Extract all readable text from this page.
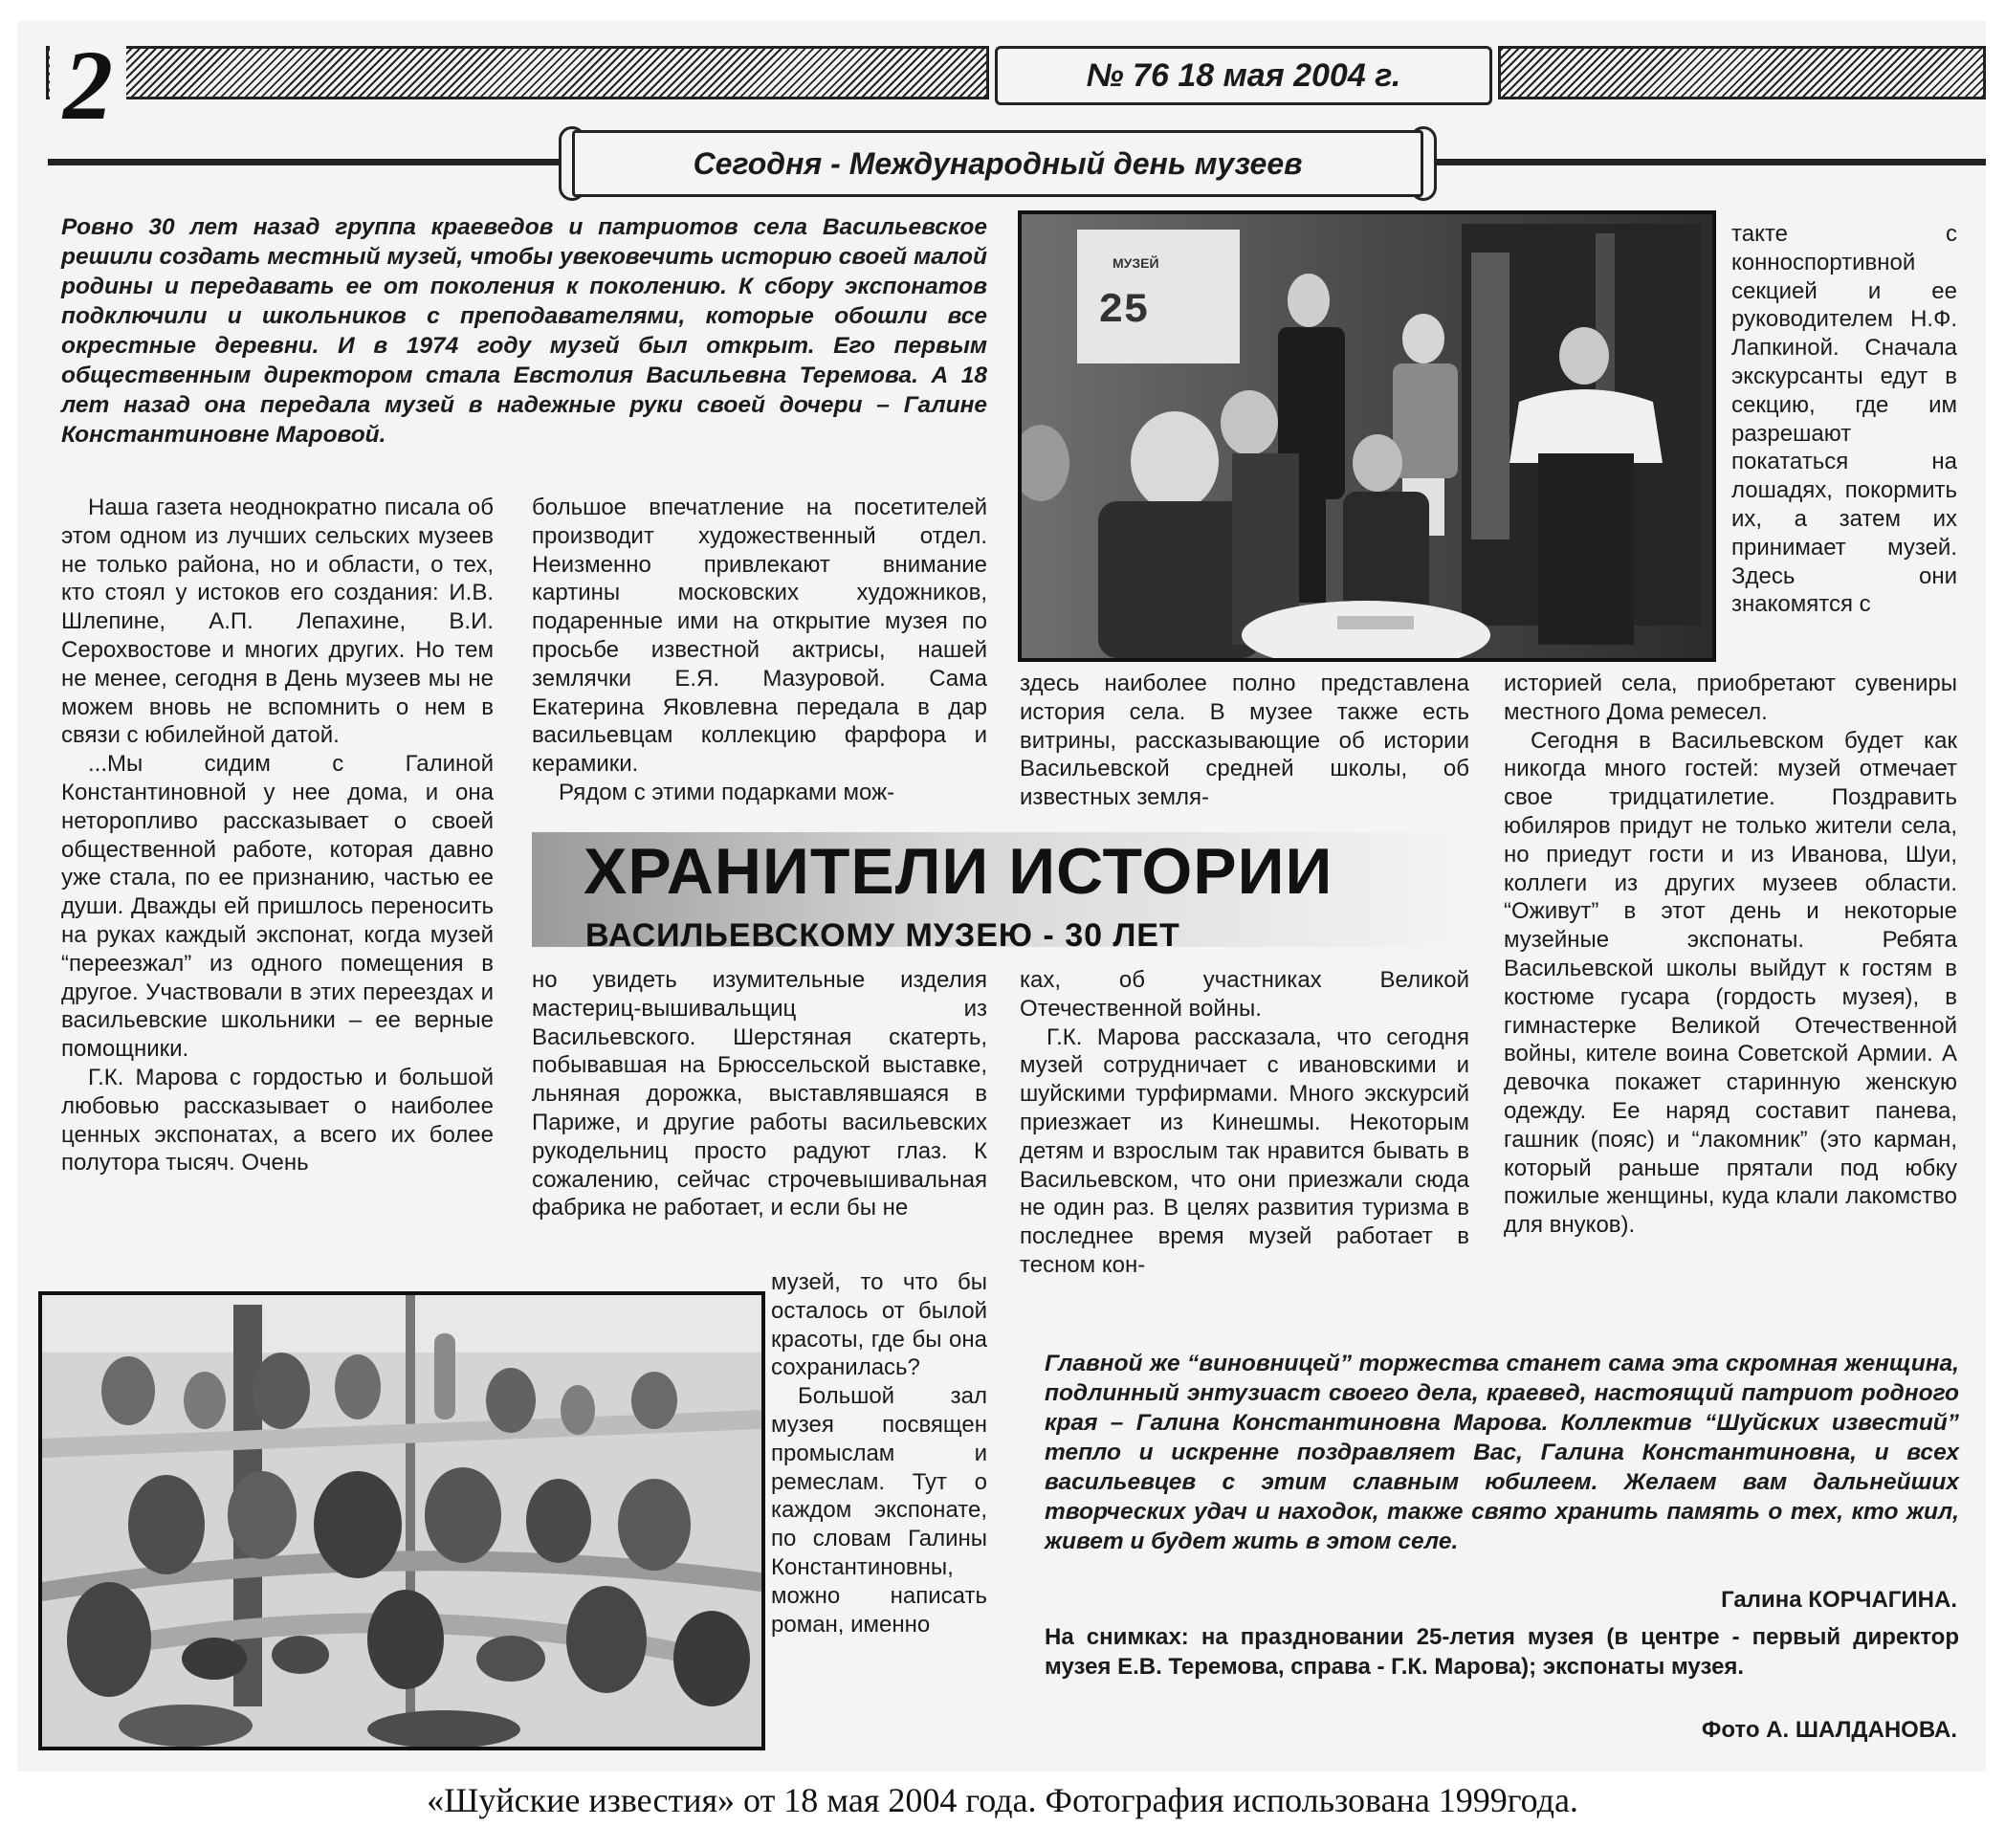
2	№ 76 18 мая 2004 г.
Сегодня - Международный день музеев
Ровно 30 лет назад группа краеведов и патриотов села Васильевское решили создать местный музей, чтобы увековечить историю своей малой родины и передавать ее от поколения к поколению. К сбору экспонатов подключили и школьников с преподавателями, которые обошли все окрестные деревни. И в 1974 году музей был открыт. Его первым общественным директором стала Евстолия Васильевна Теремова. А 18 лет назад она передала музей в надежные руки своей дочери – Галине Константиновне Маровой.
МУЗЕЙ
25

Наша газета неоднократно писала об этом одном из лучших сельских музеев не только района, но и области, о тех, кто стоял у истоков его создания: И.В. Шлепине, А.П. Лепахине, В.И. Серохвостове и многих других. Но тем не менее, сегодня в День музеев мы не можем вновь не вспомнить о нем в связи с юбилейной датой.

...Мы сидим с Галиной Константиновной у нее дома, и она неторопливо рассказывает о своей общественной работе, которая давно уже стала, по ее признанию, частью ее души. Дважды ей пришлось переносить на руках каждый экспонат, когда музей “переезжал” из одного помещения в другое. Участвовали в этих переездах и васильевские школьники – ее верные помощники.

Г.К. Марова с гордостью и большой любовью рассказывает о наиболее ценных экспонатах, а всего их более полутора тысяч. Очень

большое впечатление на посетителей производит художественный отдел. Неизменно привлекают внимание картины московских художников, подаренные ими на открытие музея по просьбе известной актрисы, нашей землячки Е.Я. Мазуровой. Сама Екатерина Яковлевна передала в дар васильевцам коллекцию фарфора и керамики.

Рядом с этими подарками мож-

здесь наиболее полно представлена история села. В музее также есть витрины, рассказывающие об истории Васильевской средней школы, об известных земля-

такте с конноспортивной секцией и ее руководителем Н.Ф. Лапкиной. Сначала экскурсанты едут в секцию, где им разрешают покататься на лошадях, покормить их, а затем их принимает музей. Здесь они знакомятся с

историей села, приобретают сувениры местного Дома ремесел.

Сегодня в Васильевском будет как никогда много гостей: музей отмечает свое тридцатилетие. Поздравить юбиляров придут не только жители села, но приедут гости и из Иванова, Шуи, коллеги из других музеев области. “Оживут” в этот день и некоторые музейные экспонаты. Ребята Васильевской школы выйдут к гостям в костюме гусара (гордость музея), в гимнастерке Великой Отечественной войны, кителе воина Советской Армии. А девочка покажет старинную женскую одежду. Ее наряд составит панева, гашник (пояс) и “лакомник” (это карман, который раньше прятали под юбку пожилые женщины, куда клали лакомство для внуков).

ХРАНИТЕЛИ ИСТОРИИ
ВАСИЛЬЕВСКОМУ МУЗЕЮ - 30 ЛЕТ

но увидеть изумительные изделия мастериц-вышивальщиц из Васильевского. Шерстяная скатерть, побывавшая на Брюссельской выставке, льняная дорожка, выставлявшаяся в Париже, и другие работы васильевских рукодельниц просто радуют глаз. К сожалению, сейчас строчевышивальная фабрика не работает, и если бы не

ках, об участниках Великой Отечественной войны.

Г.К. Марова рассказала, что сегодня музей сотрудничает с ивановскими и шуйскими турфирмами. Много экскурсий приезжает из Кинешмы. Некоторым детям и взрослым так нравится бывать в Васильевском, что они приезжали сюда не один раз. В целях развития туризма в последнее время музей работает в тесном кон-

музей, то что бы осталось от былой красоты, где бы она сохранилась?

Большой зал музея посвящен промыслам и ремеслам. Тут о каждом экспонате, по словам Галины Константиновны, можно написать роман, именно

Главной же “виновницей” торжества станет сама эта скромная женщина, подлинный энтузиаст своего дела, краевед, настоящий патриот родного края – Галина Константиновна Марова. Коллектив “Шуйских известий” тепло и искренне поздравляет Вас, Галина Константиновна, и всех васильевцев с этим славным юбилеем. Желаем вам дальнейших творческих удач и находок, также свято хранить память о тех, кто жил, живет и будет жить в этом селе.
Галина КОРЧАГИНА.
На снимках: на праздновании 25-летия музея (в центре - первый директор музея Е.В. Теремова, справа - Г.К. Марова); экспонаты музея.
Фото А. ШАЛДАНОВА.
«Шуйские известия» от 18 мая 2004 года. Фотография использована 1999года.
